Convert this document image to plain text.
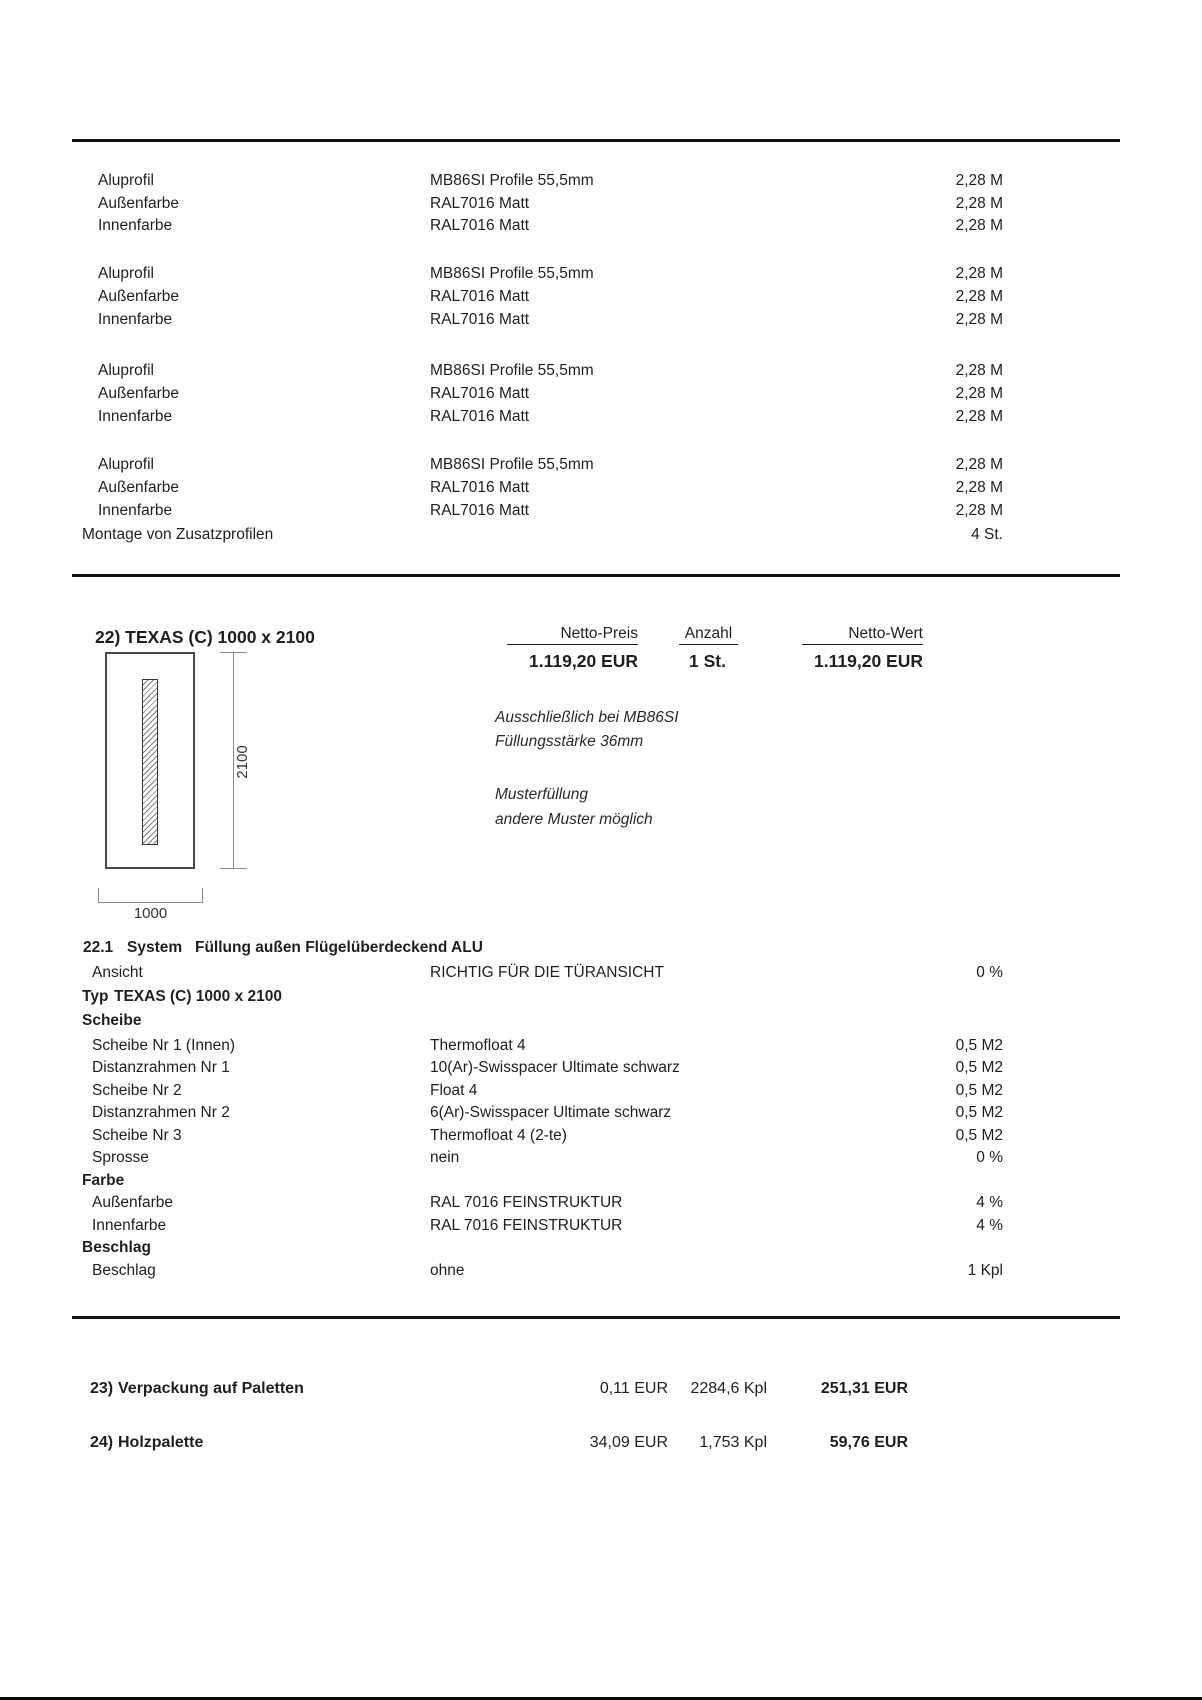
Aluprofil	MB86SI Profile 55,5mm	2,28 M
Außenfarbe	RAL7016 Matt	2,28 M
Innenfarbe	RAL7016 Matt	2,28 M
Aluprofil	MB86SI Profile 55,5mm	2,28 M
Außenfarbe	RAL7016 Matt	2,28 M
Innenfarbe	RAL7016 Matt	2,28 M
Aluprofil	MB86SI Profile 55,5mm	2,28 M
Außenfarbe	RAL7016 Matt	2,28 M
Innenfarbe	RAL7016 Matt	2,28 M
Aluprofil	MB86SI Profile 55,5mm	2,28 M
Außenfarbe	RAL7016 Matt	2,28 M
Innenfarbe	RAL7016 Matt	2,28 M
Montage von Zusatzprofilen	4 St.
22) TEXAS (C) 1000 x 2100	Netto-Preis	Anzahl	Netto-Wert
1.119,20 EUR	1 St.	1.119,20 EUR
2100
1000
Ausschließlich bei MB86SI
Füllungsstärke 36mm
Musterfüllung
andere Muster möglich
22.1 System Füllung außen Flügelüberdeckend ALU
Ansicht	RICHTIG FÜR DIE TÜRANSICHT	0 %
Typ TEXAS (C) 1000 x 2100
Scheibe
Scheibe Nr 1 (Innen)	Thermofloat 4	0,5 M2
Distanzrahmen Nr 1	10(Ar)-Swisspacer Ultimate schwarz	0,5 M2
Scheibe Nr 2	Float 4	0,5 M2
Distanzrahmen Nr 2	6(Ar)-Swisspacer Ultimate schwarz	0,5 M2
Scheibe Nr 3	Thermofloat 4 (2-te)	0,5 M2
Sprosse	nein	0 %
Farbe
Außenfarbe	RAL 7016 FEINSTRUKTUR	4 %
Innenfarbe	RAL 7016 FEINSTRUKTUR	4 %
Beschlag
Beschlag	ohne	1 Kpl
23) Verpackung auf Paletten	0,11 EUR	2284,6 Kpl	251,31 EUR
24) Holzpalette	34,09 EUR	1,753 Kpl	59,76 EUR
